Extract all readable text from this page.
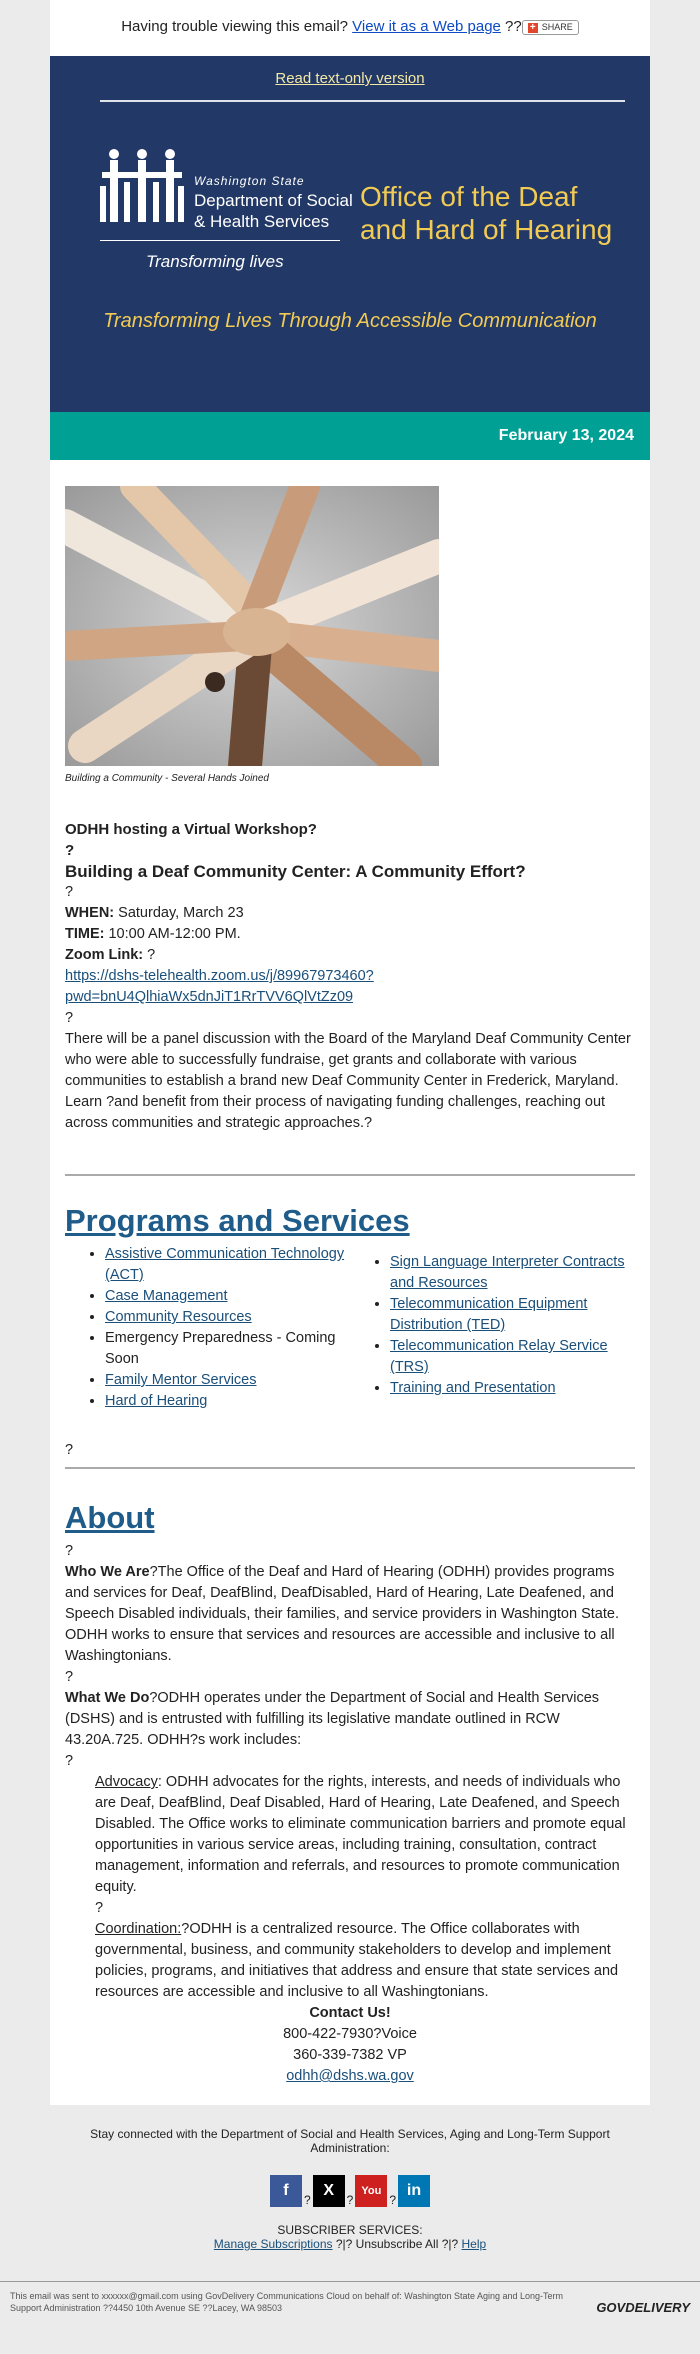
Having trouble viewing this email? View it as a Web page ?? + SHARE
Read text-only version
Washington State
Department of Social
& Health Services
Transforming lives
Office of the Deaf
and Hard of Hearing
Transforming Lives Through Accessible Communication
February 13, 2024
Building a Community - Several Hands Joined
ODHH hosting a Virtual Workshop?
?
Building a Deaf Community Center: A Community Effort?
?
WHEN: Saturday, March 23
TIME: 10:00 AM-12:00 PM.
Zoom Link: ?
https://dshs-telehealth.zoom.us/j/89967973460?
pwd=bnU4QlhiaWx5dnJiT1RrTVV6QlVtZz09
?
There will be a panel discussion with the Board of the Maryland Deaf Community Center who were able to successfully fundraise, get grants and collaborate with various communities to establish a brand new Deaf Community Center in Frederick, Maryland. Learn ?and benefit from their process of navigating funding challenges, reaching out across communities and strategic approaches.?
Programs and Services
• Assistive Communication Technology (ACT)
• Case Management
• Community Resources
• Emergency Preparedness - Coming Soon
• Family Mentor Services
• Hard of Hearing
• Sign Language Interpreter Contracts and Resources
• Telecommunication Equipment Distribution (TED)
• Telecommunication Relay Service (TRS)
• Training and Presentation
?
About
?
Who We Are?The Office of the Deaf and Hard of Hearing (ODHH) provides programs and services for Deaf, DeafBlind, DeafDisabled, Hard of Hearing, Late Deafened, and Speech Disabled individuals, their families, and service providers in Washington State. ODHH works to ensure that services and resources are accessible and inclusive to all Washingtonians.
?
What We Do?ODHH operates under the Department of Social and Health Services (DSHS) and is entrusted with fulfilling its legislative mandate outlined in RCW 43.20A.725. ODHH?s work includes:
?
Advocacy: ODHH advocates for the rights, interests, and needs of individuals who are Deaf, DeafBlind, Deaf Disabled, Hard of Hearing, Late Deafened, and Speech Disabled. The Office works to eliminate communication barriers and promote equal opportunities in various service areas, including training, consultation, contract management, information and referrals, and resources to promote communication equity.
?
Coordination:?ODHH is a centralized resource. The Office collaborates with governmental, business, and community stakeholders to develop and implement policies, programs, and initiatives that address and ensure that state services and resources are accessible and inclusive to all Washingtonians.
Contact Us!
800-422-7930?Voice
360-339-7382 VP
odhh@dshs.wa.gov
Stay connected with the Department of Social and Health Services, Aging and Long-Term Support Administration:
f?X?You?in
SUBSCRIBER SERVICES:
Manage Subscriptions ?|? Unsubscribe All ?|? Help
This email was sent to xxxxxx@gmail.com using GovDelivery Communications Cloud on behalf of: Washington State Aging and Long-Term Support Administration ??4450 10th Avenue SE ??Lacey, WA 98503	GOVDELIVERY
